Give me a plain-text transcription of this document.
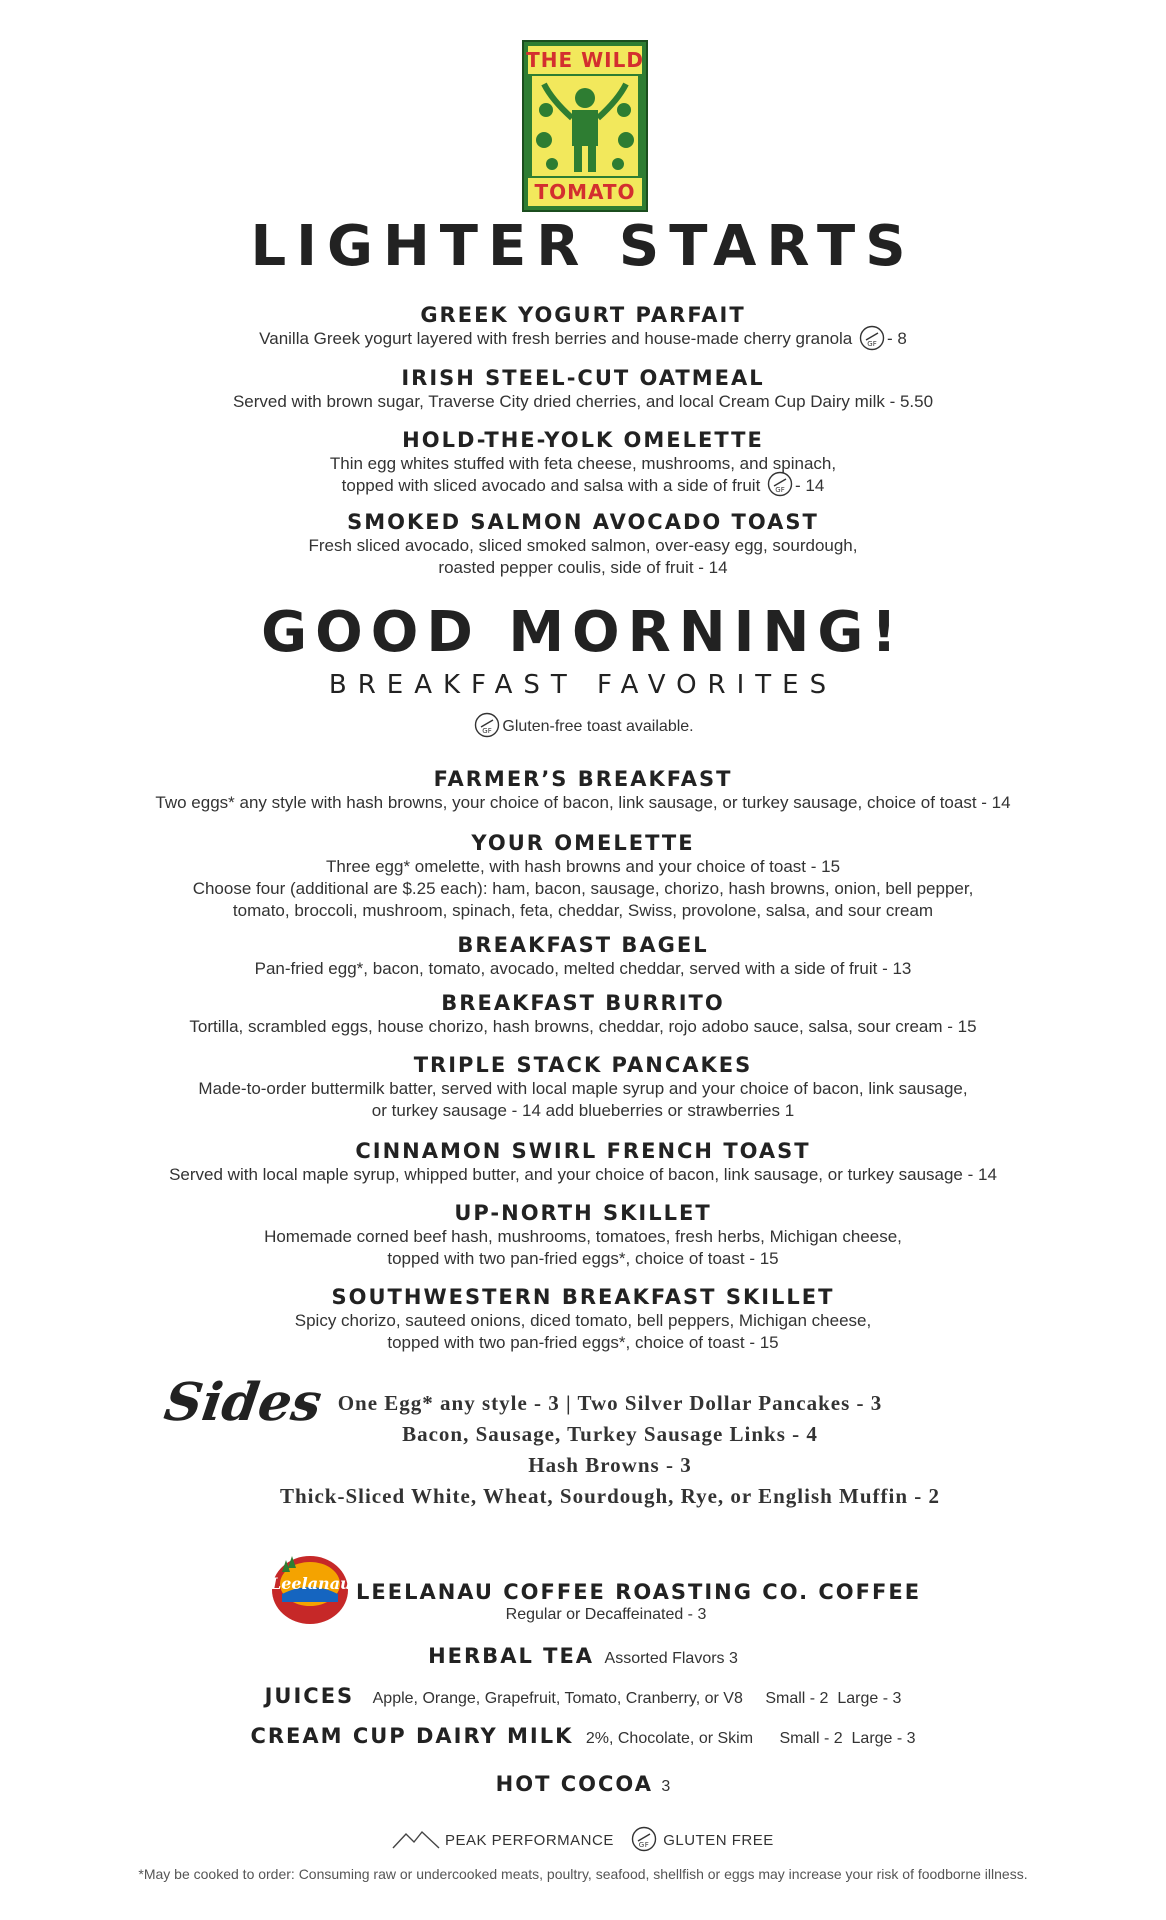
THE WILD
TOMATO
LIGHTER STARTS
GREEK YOGURT PARFAIT
Vanilla Greek yogurt layered with fresh berries and house-made cherry granola GF - 8
IRISH STEEL-CUT OATMEAL
Served with brown sugar, Traverse City dried cherries, and local Cream Cup Dairy milk - 5.50
HOLD-THE-YOLK OMELETTE
Thin egg whites stuffed with feta cheese, mushrooms, and spinach,
topped with sliced avocado and salsa with a side of fruit GF - 14
SMOKED SALMON AVOCADO TOAST
Fresh sliced avocado, sliced smoked salmon, over-easy egg, sourdough,
roasted pepper coulis, side of fruit - 14
GOOD MORNING!
BREAKFAST FAVORITES
GF Gluten-free toast available.
FARMER’S BREAKFAST
Two eggs* any style with hash browns, your choice of bacon, link sausage, or turkey sausage, choice of toast - 14
YOUR OMELETTE
Three egg* omelette, with hash browns and your choice of toast - 15
Choose four (additional are $.25 each): ham, bacon, sausage, chorizo, hash browns, onion, bell pepper,
tomato, broccoli, mushroom, spinach, feta, cheddar, Swiss, provolone, salsa, and sour cream
BREAKFAST BAGEL
Pan-fried egg*, bacon, tomato, avocado, melted cheddar, served with a side of fruit - 13
BREAKFAST BURRITO
Tortilla, scrambled eggs, house chorizo, hash browns, cheddar, rojo adobo sauce, salsa, sour cream - 15
TRIPLE STACK PANCAKES
Made-to-order buttermilk batter, served with local maple syrup and your choice of bacon, link sausage,
or turkey sausage - 14 add blueberries or strawberries 1
CINNAMON SWIRL FRENCH TOAST
Served with local maple syrup, whipped butter, and your choice of bacon, link sausage, or turkey sausage - 14
UP-NORTH SKILLET
Homemade corned beef hash, mushrooms, tomatoes, fresh herbs, Michigan cheese,
topped with two pan-fried eggs*, choice of toast - 15
SOUTHWESTERN BREAKFAST SKILLET
Spicy chorizo, sauteed onions, diced tomato, bell peppers, Michigan cheese,
topped with two pan-fried eggs*, choice of toast - 15
Sides One Egg* any style - 3 | Two Silver Dollar Pancakes - 3
Bacon, Sausage, Turkey Sausage Links - 4
Hash Browns - 3
Thick-Sliced White, Wheat, Sourdough, Rye, or English Muffin - 2
Leelanau LEELANAU COFFEE ROASTING CO. COFFEE
Regular or Decaffeinated - 3
HERBAL TEA Assorted Flavors 3
JUICES Apple, Orange, Grapefruit, Tomato, Cranberry, or V8 Small - 2  Large - 3
CREAM CUP DAIRY MILK 2%, Chocolate, or Skim Small - 2  Large - 3
HOT COCOA 3
PEAK PERFORMANCE	GF GLUTEN FREE
*May be cooked to order: Consuming raw or undercooked meats, poultry, seafood, shellfish or eggs may increase your risk of foodborne illness.
